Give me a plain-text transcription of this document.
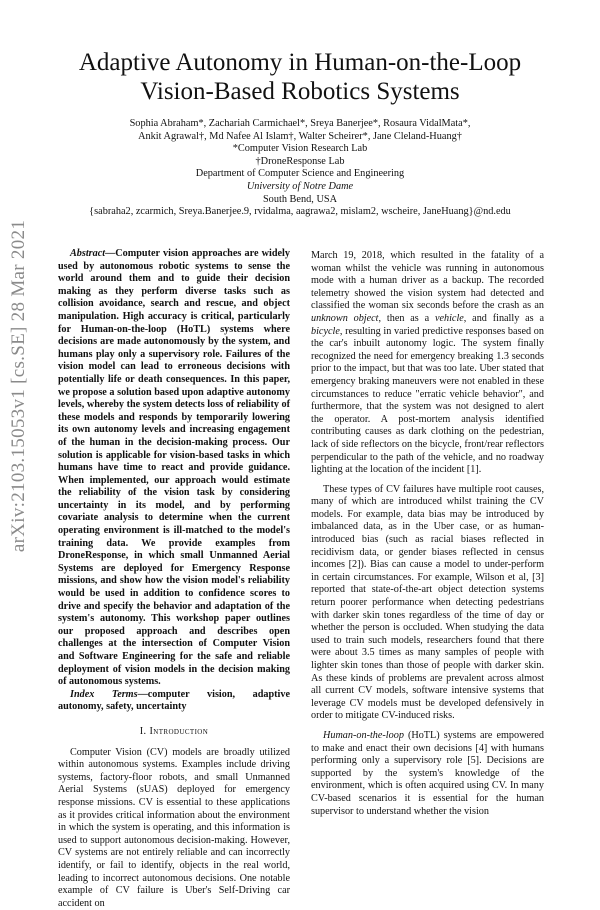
arXiv:2103.15053v1 [cs.SE] 28 Mar 2021
Adaptive Autonomy in Human-on-the-Loop
Vision-Based Robotics Systems
Sophia Abraham*, Zachariah Carmichael*, Sreya Banerjee*, Rosaura VidalMata*,
Ankit Agrawal†, Md Nafee Al Islam†, Walter Scheirer*, Jane Cleland-Huang†
*Computer Vision Research Lab
†DroneResponse Lab
Department of Computer Science and Engineering
University of Notre Dame
South Bend, USA
{sabraha2, zcarmich, Sreya.Banerjee.9, rvidalma, aagrawa2, mislam2, wscheire, JaneHuang}@nd.edu

Abstract—Computer vision approaches are widely used by autonomous robotic systems to sense the world around them and to guide their decision making as they perform diverse tasks such as collision avoidance, search and rescue, and object manipulation. High accuracy is critical, particularly for Human-on-the-loop (HoTL) systems where decisions are made autonomously by the system, and humans play only a supervisory role. Failures of the vision model can lead to erroneous decisions with potentially life or death consequences. In this paper, we propose a solution based upon adaptive autonomy levels, whereby the system detects loss of reliability of these models and responds by temporarily lowering its own autonomy levels and increasing engagement of the human in the decision-making process. Our solution is applicable for vision-based tasks in which humans have time to react and provide guidance. When implemented, our approach would estimate the reliability of the vision task by considering uncertainty in its model, and by performing covariate analysis to determine when the current operating environment is ill-matched to the model's training data. We provide examples from DroneResponse, in which small Unmanned Aerial Systems are deployed for Emergency Response missions, and show how the vision model's reliability would be used in addition to confidence scores to drive and specify the behavior and adaptation of the system's autonomy. This workshop paper outlines our proposed approach and describes open challenges at the intersection of Computer Vision and Software Engineering for the safe and reliable deployment of vision models in the decision making of autonomous systems.

Index Terms—computer vision, adaptive autonomy, safety, uncertainty

I. Introduction

Computer Vision (CV) models are broadly utilized within autonomous systems. Examples include driving systems, factory-floor robots, and small Unmanned Aerial Systems (sUAS) deployed for emergency response missions. CV is essential to these applications as it provides critical information about the environment in which the system is operating, and this information is used to support autonomous decision-making. However, CV systems are not entirely reliable and can incorrectly identify, or fail to identify, objects in the real world, leading to incorrect autonomous decisions. One notable example of CV failure is Uber's Self-Driving car accident on

March 19, 2018, which resulted in the fatality of a woman whilst the vehicle was running in autonomous mode with a human driver as a backup. The recorded telemetry showed the vision system had detected and classified the woman six seconds before the crash as an unknown object, then as a vehicle, and finally as a bicycle, resulting in varied predictive responses based on the car's inbuilt autonomy logic. The system finally recognized the need for emergency breaking 1.3 seconds prior to the impact, but that was too late. Uber stated that emergency braking maneuvers were not enabled in these circumstances to reduce "erratic vehicle behavior", and furthermore, that the system was not designed to alert the operator. A post-mortem analysis identified contributing causes as dark clothing on the pedestrian, lack of side reflectors on the bicycle, front/rear reflectors perpendicular to the path of the vehicle, and no roadway lighting at the location of the incident [1].

These types of CV failures have multiple root causes, many of which are introduced whilst training the CV models. For example, data bias may be introduced by imbalanced data, as in the Uber case, or as human-introduced bias (such as racial biases reflected in recidivism data, or gender biases reflected in census incomes [2]). Bias can cause a model to under-perform in certain circumstances. For example, Wilson et al, [3] reported that state-of-the-art object detection systems return poorer performance when detecting pedestrians with darker skin tones regardless of the time of day or whether the person is occluded. When studying the data used to train such models, researchers found that there were about 3.5 times as many samples of people with lighter skin tones than those of people with darker skin. As these kinds of problems are prevalent across almost all current CV models, software intensive systems that leverage CV models must be developed defensively in order to mitigate CV-induced risks.

Human-on-the-loop (HoTL) systems are empowered to make and enact their own decisions [4] with humans performing only a supervisory role [5]. Decisions are supported by the system's knowledge of the environment, which is often acquired using CV. In many CV-based scenarios it is essential for the human supervisor to understand whether the vision
